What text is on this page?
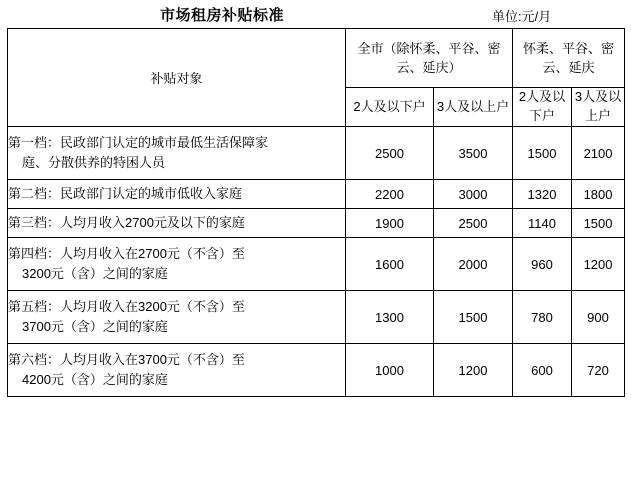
市场租房补贴标准	单位:元/月
补贴对象	全市（除怀柔、平谷、密云、延庆）		怀柔、平谷、密云、延庆	
	2人及以下户	3人及以上户	2人及以下户	3人及以上户
第一档：民政部门认定的城市最低生活保障家
庭、分散供养的特困人员	2500	3500	1500	2100
第二档：民政部门认定的城市低收入家庭	2200	3000	1320	1800
第三档：人均月收入2700元及以下的家庭	1900	2500	1140	1500
第四档：人均月收入在2700元（不含）至
3200元（含）之间的家庭	1600	2000	960	1200
第五档：人均月收入在3200元（不含）至
3700元（含）之间的家庭	1300	1500	780	900
第六档：人均月收入在3700元（不含）至
4200元（含）之间的家庭	1000	1200	600	720
